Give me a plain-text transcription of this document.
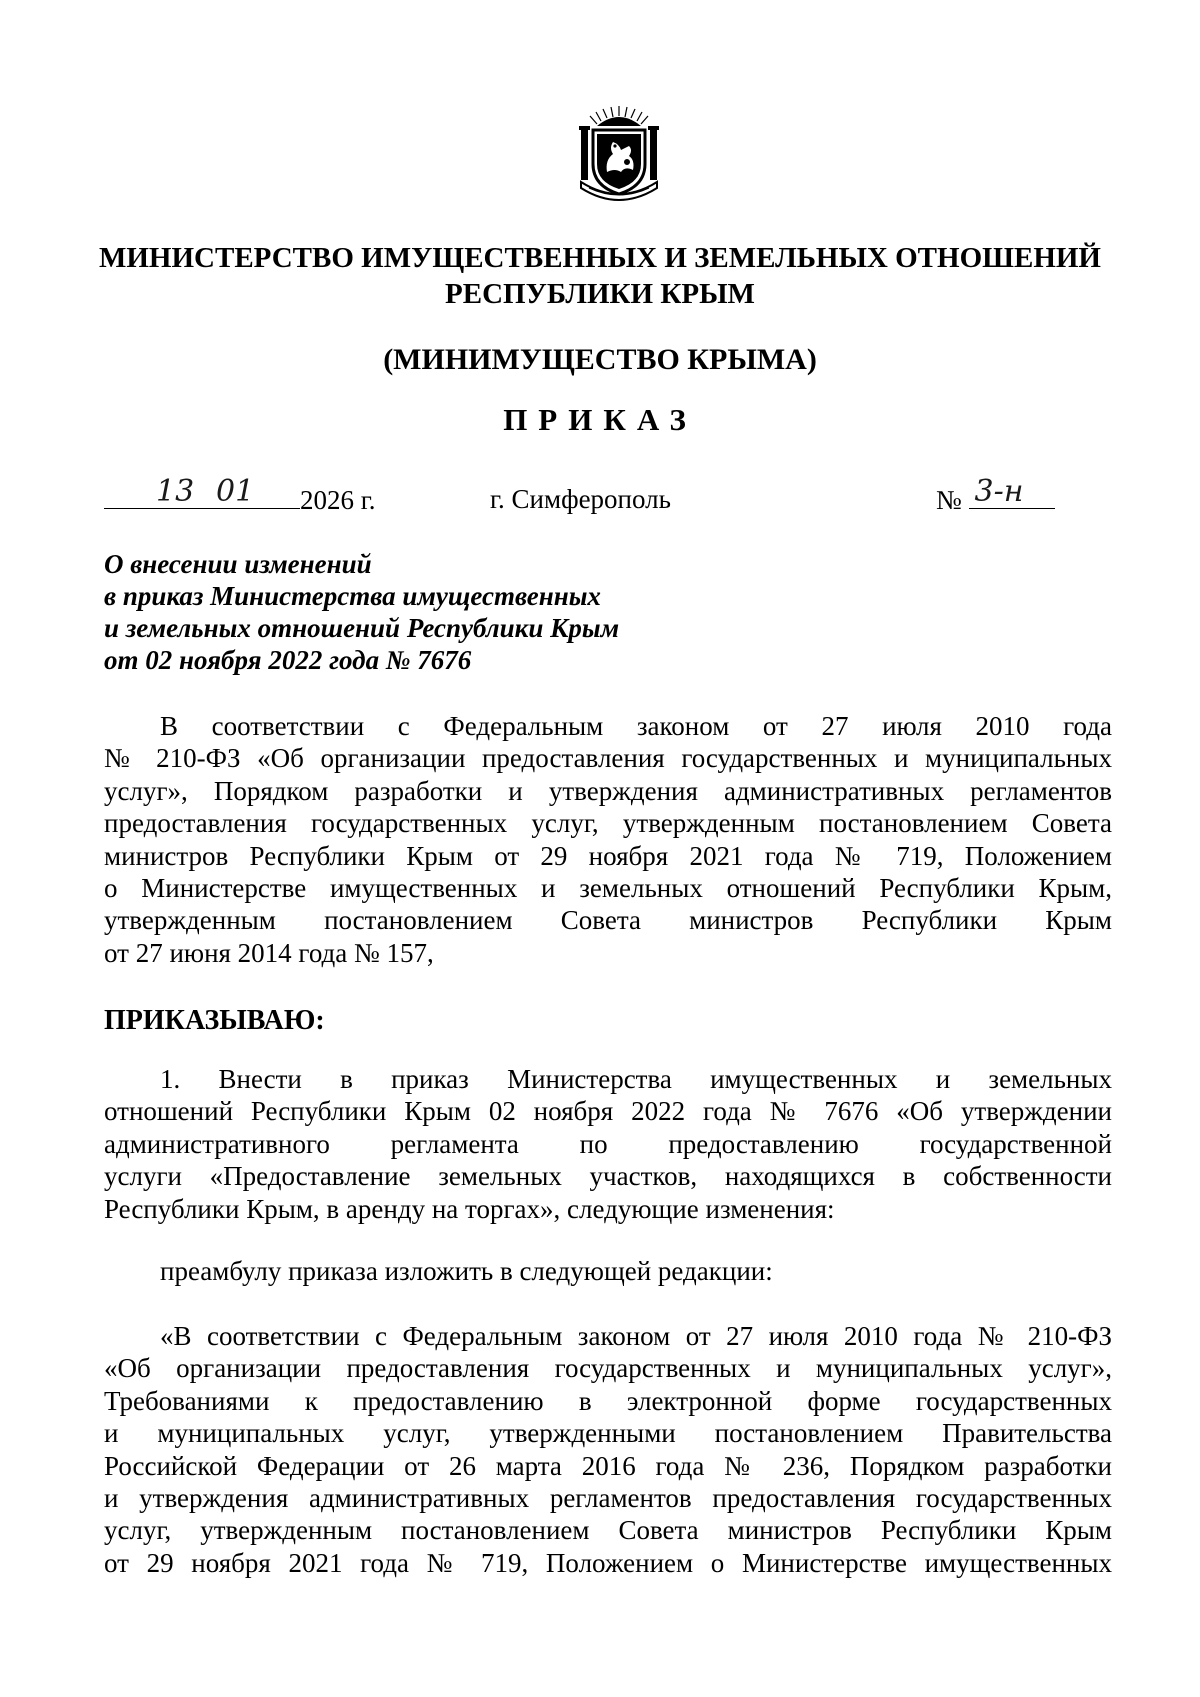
МИНИСТЕРСТВО ИМУЩЕСТВЕННЫХ И ЗЕМЕЛЬНЫХ ОТНОШЕНИЙ
РЕСПУБЛИКИ КРЫМ
(МИНИМУЩЕСТВО КРЫМА)
ПРИКАЗ
13 01 2026 г.	г. Симферополь	№ 3-н
О внесении изменений
в приказ Министерства имущественных
и земельных отношений Республики Крым
от 02 ноября 2022 года № 7676
В соответствии с Федеральным законом от 27 июля 2010 года
№ 210-ФЗ «Об организации предоставления государственных и муниципальных
услуг», Порядком разработки и утверждения административных регламентов
предоставления государственных услуг, утвержденным постановлением Совета
министров Республики Крым от 29 ноября 2021 года № 719, Положением
о Министерстве имущественных и земельных отношений Республики Крым,
утвержденным постановлением Совета министров Республики Крым
от 27 июня 2014 года № 157,
ПРИКАЗЫВАЮ:
1. Внести в приказ Министерства имущественных и земельных
отношений Республики Крым 02 ноября 2022 года № 7676 «Об утверждении
административного регламента по предоставлению государственной
услуги «Предоставление земельных участков, находящихся в собственности
Республики Крым, в аренду на торгах», следующие изменения:
преамбулу приказа изложить в следующей редакции:
«В соответствии с Федеральным законом от 27 июля 2010 года № 210-ФЗ
«Об организации предоставления государственных и муниципальных услуг»,
Требованиями к предоставлению в электронной форме государственных
и муниципальных услуг, утвержденными постановлением Правительства
Российской Федерации от 26 марта 2016 года № 236, Порядком разработки
и утверждения административных регламентов предоставления государственных
услуг, утвержденным постановлением Совета министров Республики Крым
от 29 ноября 2021 года № 719, Положением о Министерстве имущественных
